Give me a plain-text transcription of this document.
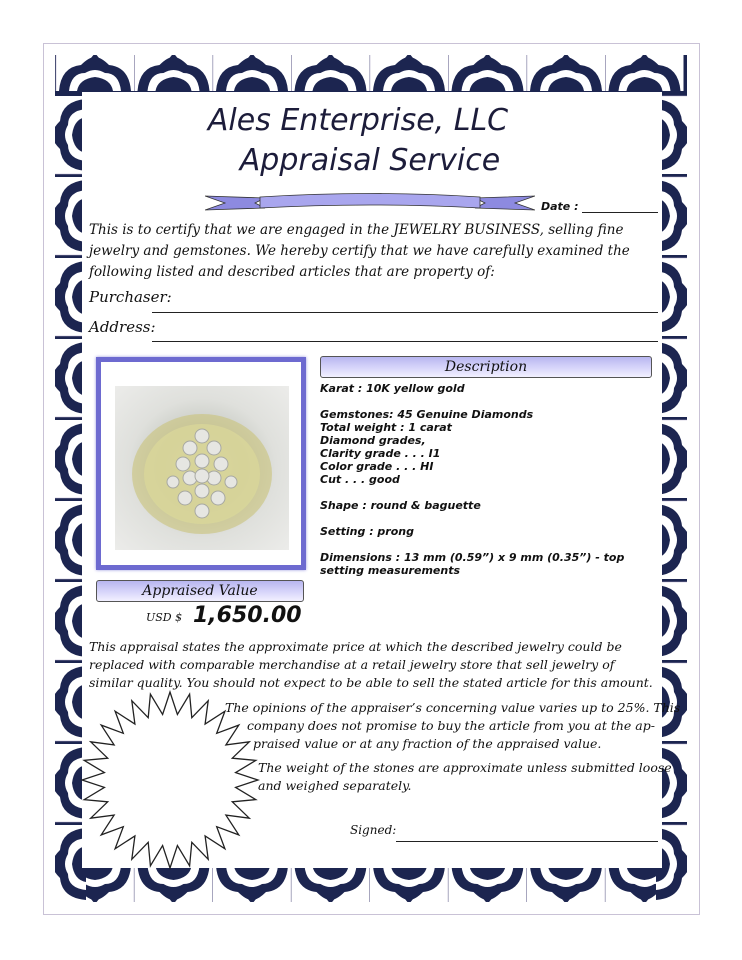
Ales Enterprise, LLC
Appraisal Service
Date :
This is to certify that we are engaged in the JEWELRY BUSINESS, selling fine jewelry and gemstones. We hereby certify that we have carefully examined the following listed and described articles that are property of:
Purchaser:
Address:
Description
Karat : 10K yellow gold

Gemstones: 45 Genuine Diamonds
Total weight : 1 carat
Diamond grades,
Clarity grade . . . I1
Color grade . . . HI
Cut . . . good

Shape : round & baguette

Setting : prong

Dimensions : 13 mm (0.59”) x 9 mm (0.35”) - top setting measurements
Appraised Value
USD $ 1,650.00
This appraisal states the approximate price at which the described jewelry could be replaced with comparable merchandise at a retail jewelry store that sell jewelry of similar quality. You should not expect to be able to sell the stated article for this amount.
The opinions of the appraiser’s concerning value varies up to 25%. This
company does not promise to buy the article from you at the ap-
praised value or at any fraction of the appraised value.
The weight of the stones are approximate unless submitted loose
and weighed separately.
Signed:
